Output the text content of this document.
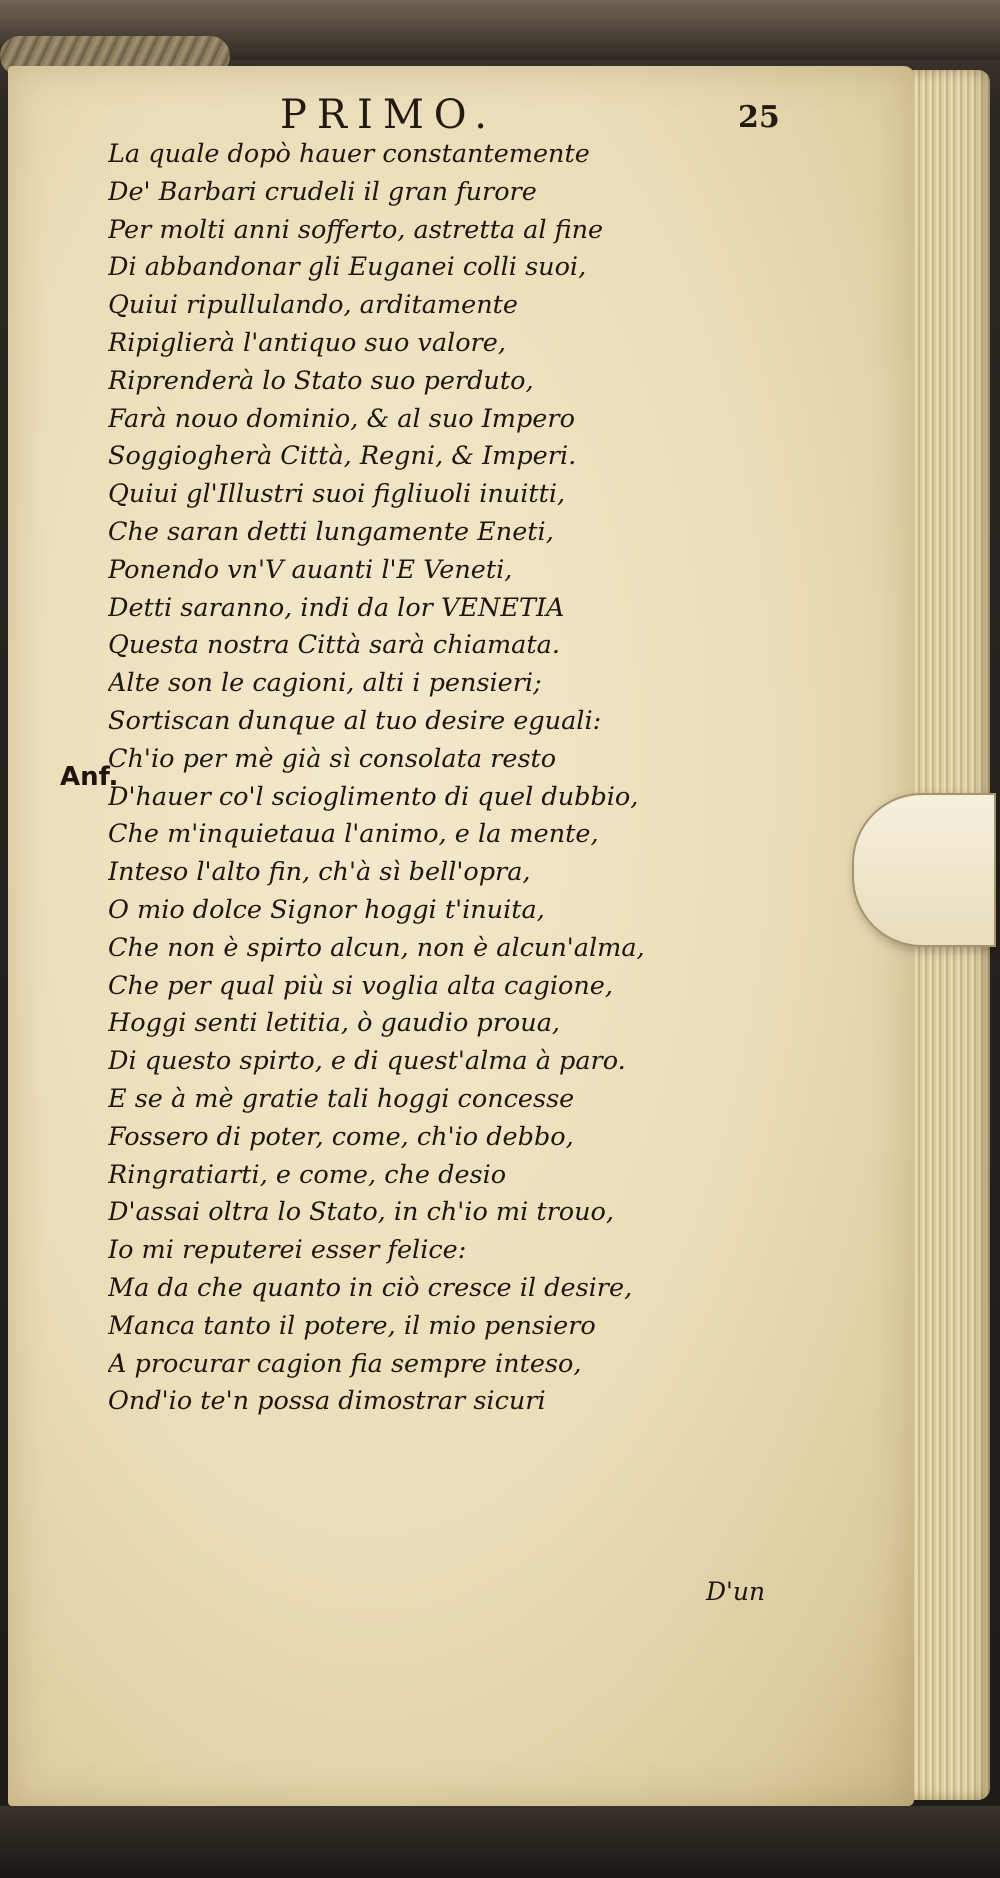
PRIMO.	25
La quale dopò hauer constantemente
De' Barbari crudeli il gran furore
Per molti anni sofferto, astretta al fine
Di abbandonar gli Euganei colli suoi,
Quiui ripullulando, arditamente
Ripiglierà l'antiquo suo valore,
Riprenderà lo Stato suo perduto,
Farà nouo dominio, & al suo Impero
Soggiogherà Città, Regni, & Imperi.
Quiui gl'Illustri suoi figliuoli inuitti,
Che saran detti lungamente Eneti,
Ponendo vn'V auanti l'E Veneti,
Detti saranno, indi da lor VENETIA
Questa nostra Città sarà chiamata.
Alte son le cagioni, alti i pensieri;
Sortiscan dunque al tuo desire eguali:
Ch'io per mè già sì consolata resto
D'hauer co'l scioglimento di quel dubbio,
Che m'inquietaua l'animo, e la mente,
Inteso l'alto fin, ch'à sì bell'opra,
O mio dolce Signor hoggi t'inuita,
Che non è spirto alcun, non è alcun'alma,
Che per qual più si voglia alta cagione,
Hoggi senti letitia, ò gaudio proua,
Di questo spirto, e di quest'alma à paro.
E se à mè gratie tali hoggi concesse
Fossero di poter, come, ch'io debbo,
Ringratiarti, e come, che desio
D'assai oltra lo Stato, in ch'io mi trouo,
Io mi reputerei esser felice:
Ma da che quanto in ciò cresce il desire,
Manca tanto il potere, il mio pensiero
A procurar cagion fia sempre inteso,
Ond'io te'n possa dimostrar sicuri
Anf.
D'un
